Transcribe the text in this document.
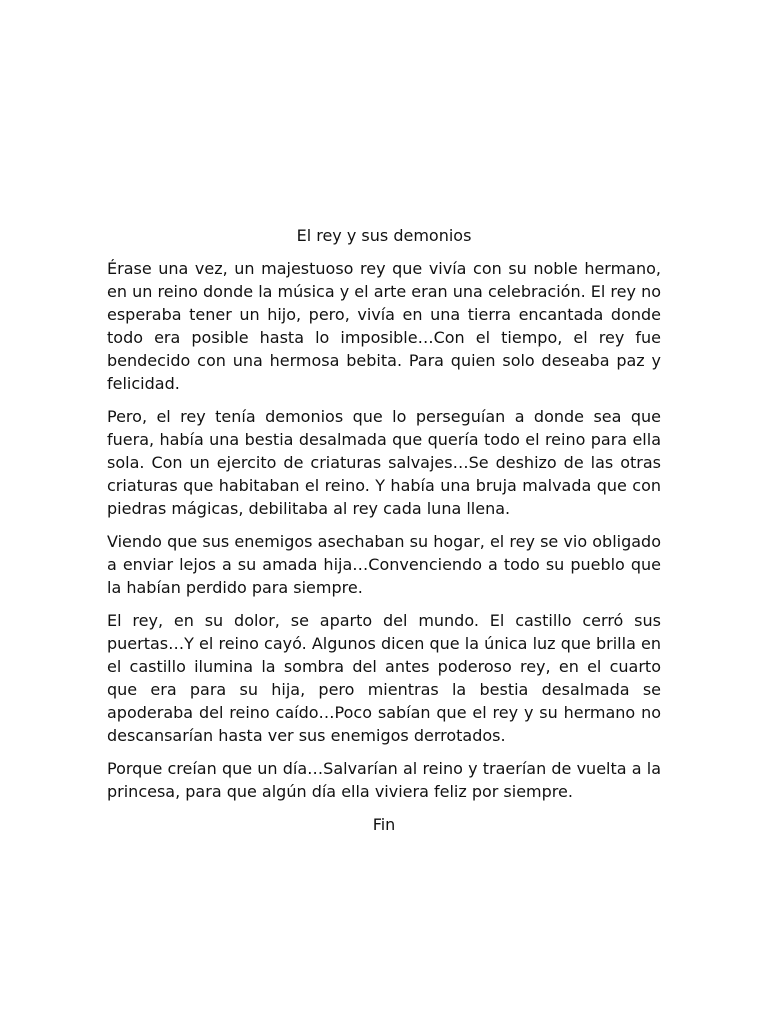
El rey y sus demonios

Érase una vez, un majestuoso rey que vivía con su noble hermano, en un reino donde la música y el arte eran una celebración. El rey no esperaba tener un hijo, pero, vivía en una tierra encantada donde todo era posible hasta lo imposible…Con el tiempo, el rey fue bendecido con una hermosa bebita. Para quien solo deseaba paz y felicidad.

Pero, el rey tenía demonios que lo perseguían a donde sea que fuera, había una bestia desalmada que quería todo el reino para ella sola. Con un ejercito de criaturas salvajes…Se deshizo de las otras criaturas que habitaban el reino. Y había una bruja malvada que con piedras mágicas, debilitaba al rey cada luna llena.

Viendo que sus enemigos asechaban su hogar, el rey se vio obligado a enviar lejos a su amada hija…Convenciendo a todo su pueblo que la habían perdido para siempre.

El rey, en su dolor, se aparto del mundo. El castillo cerró sus puertas…Y el reino cayó. Algunos dicen que la única luz que brilla en el castillo ilumina la sombra del antes poderoso rey, en el cuarto que era para su hija, pero mientras la bestia desalmada se apoderaba del reino caído…Poco sabían que el rey y su hermano no descansarían hasta ver sus enemigos derrotados.

Porque creían que un día…Salvarían al reino y traerían de vuelta a la princesa, para que algún día ella viviera feliz por siempre.

Fin
